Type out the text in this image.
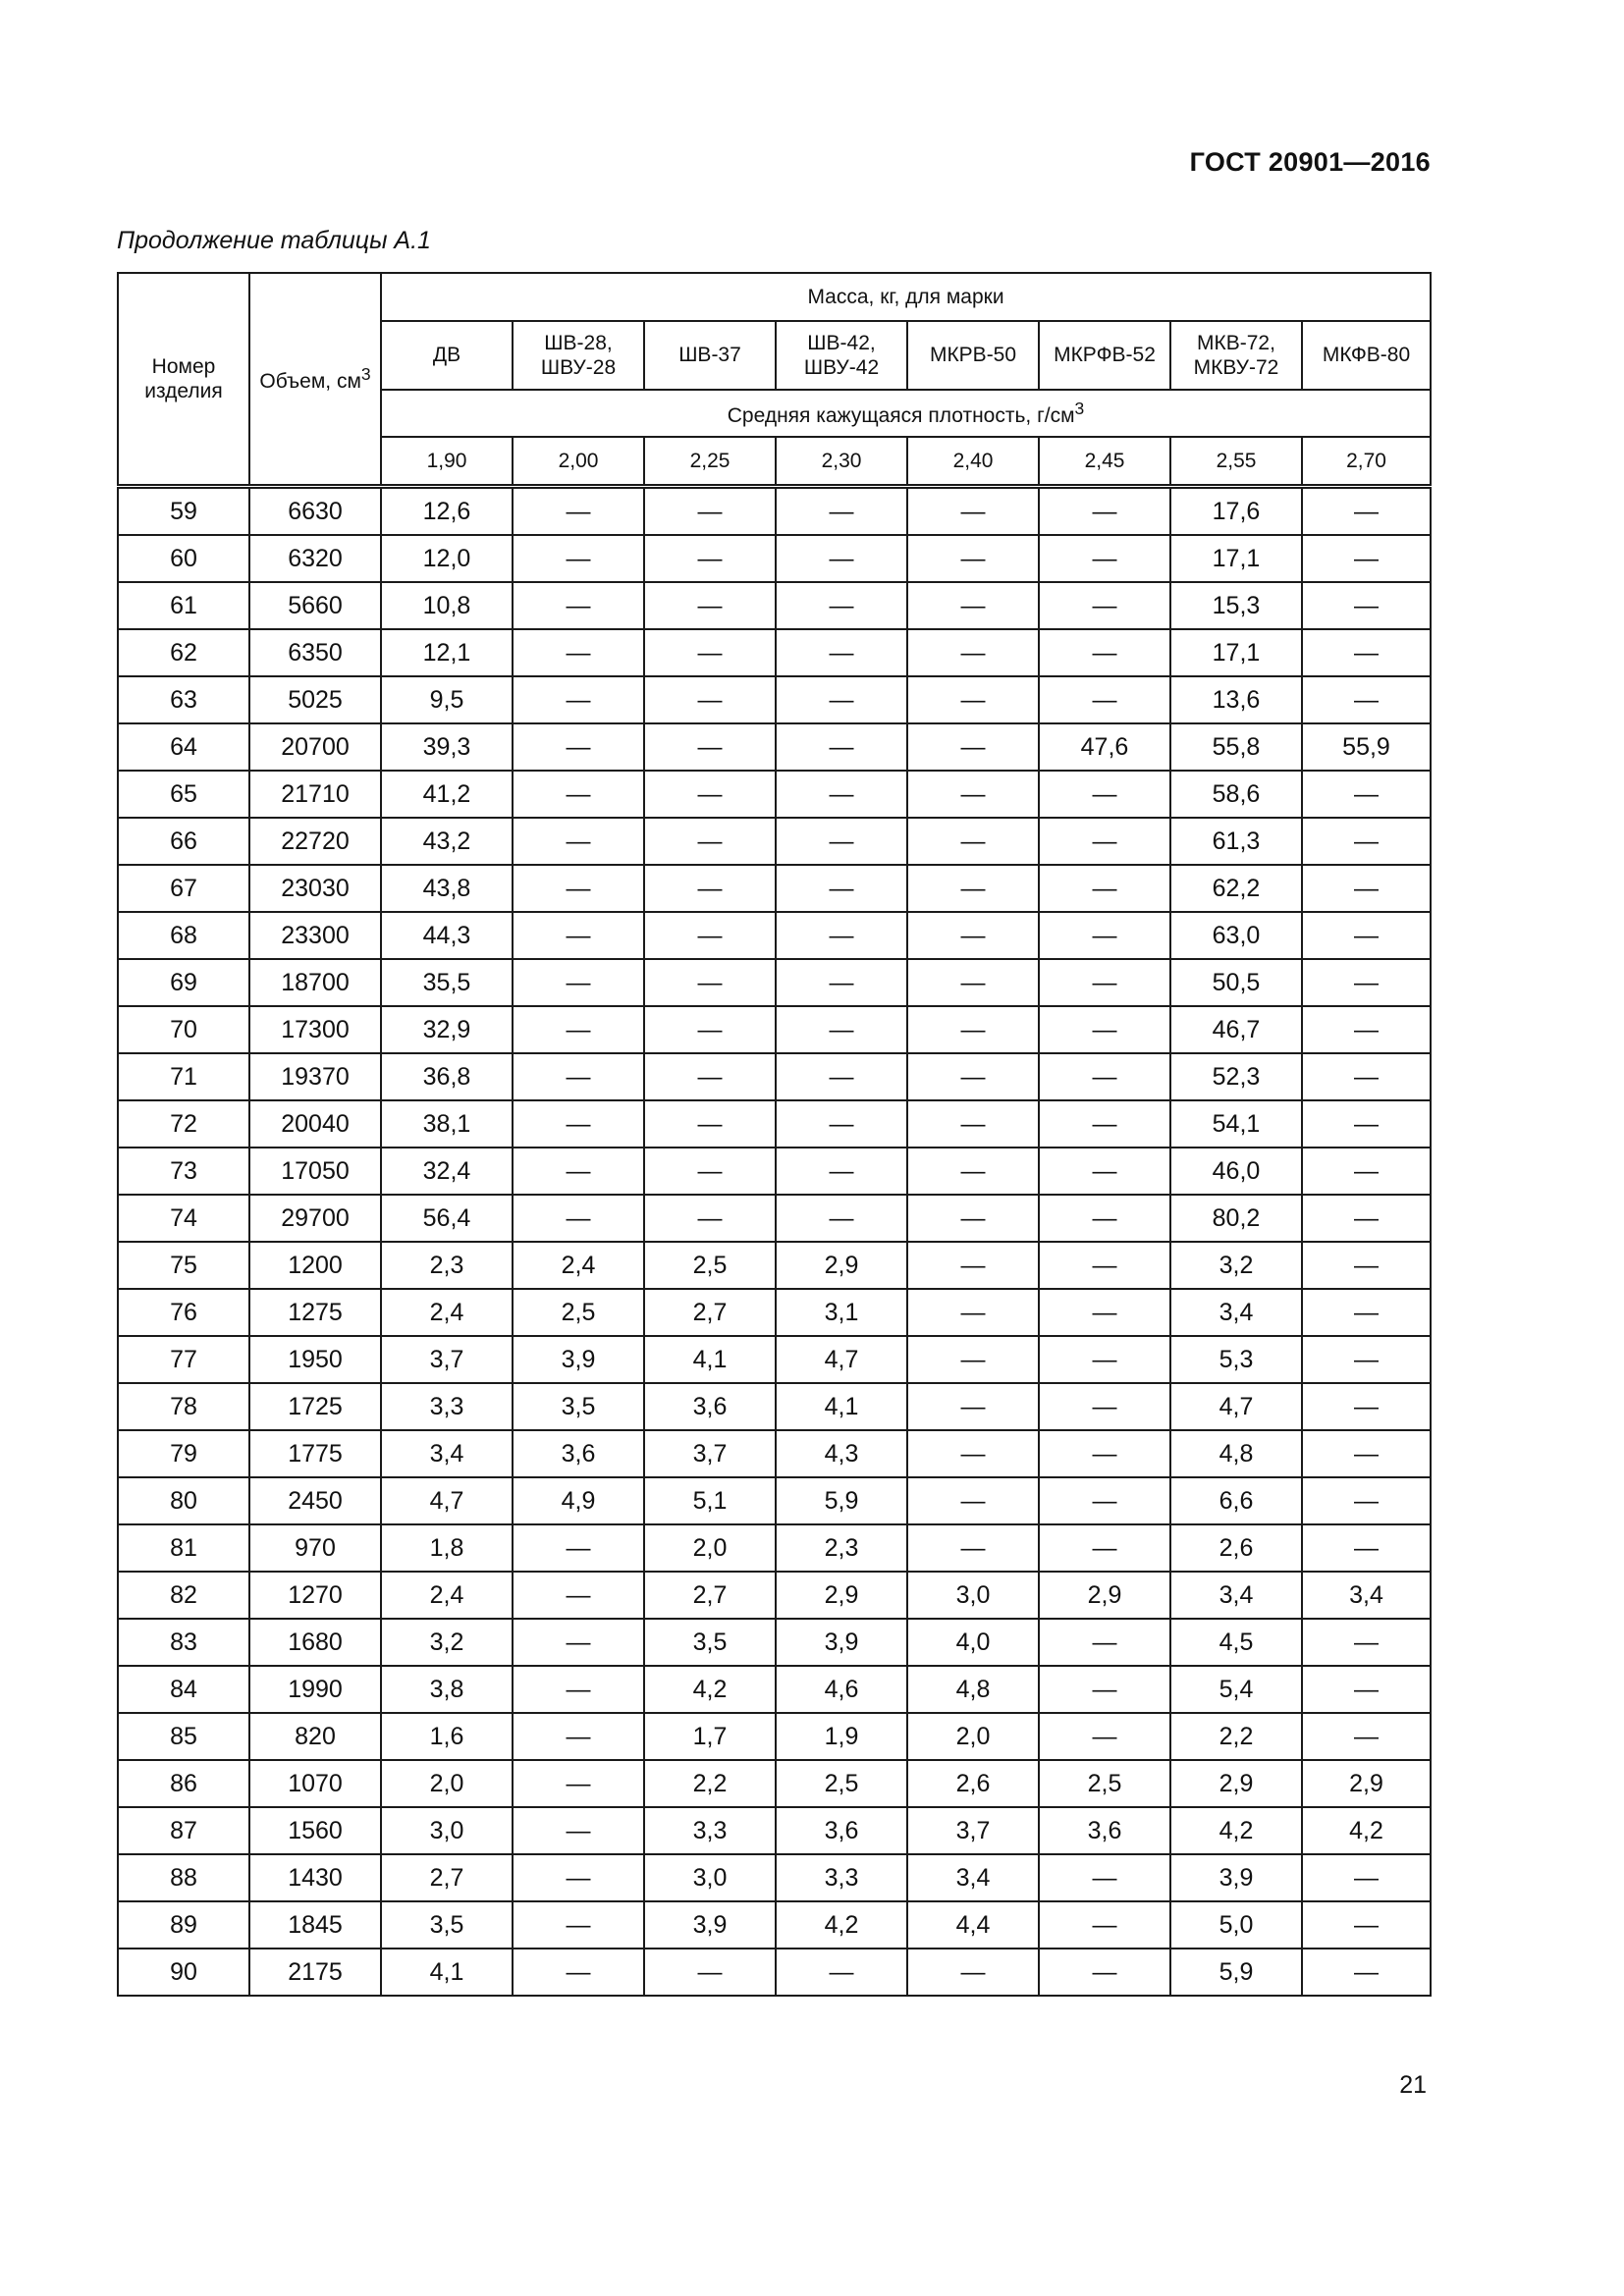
ГОСТ 20901—2016
Продолжение таблицы А.1
Номер изделия	Объем, $см^3$	Масса, кг, для марки							
		ДВ	ШВ-28, ШВУ-28	ШВ-37	ШВ-42, ШВУ-42	МКРВ-50	МКРФВ-52	МКВ-72, МКВУ-72	МКФВ-80
		Средняя кажущаяся плотность, $г/см^3$
		1,90	2,00	2,25	2,30	2,40	2,45	2,55	2,70
59	6630	12,6	—	—	—	—	—	17,6	—
60	6320	12,0	—	—	—	—	—	17,1	—
61	5660	10,8	—	—	—	—	—	15,3	—
62	6350	12,1	—	—	—	—	—	17,1	—
63	5025	9,5	—	—	—	—	—	13,6	—
64	20700	39,3	—	—	—	—	47,6	55,8	55,9
65	21710	41,2	—	—	—	—	—	58,6	—
66	22720	43,2	—	—	—	—	—	61,3	—
67	23030	43,8	—	—	—	—	—	62,2	—
68	23300	44,3	—	—	—	—	—	63,0	—
69	18700	35,5	—	—	—	—	—	50,5	—
70	17300	32,9	—	—	—	—	—	46,7	—
71	19370	36,8	—	—	—	—	—	52,3	—
72	20040	38,1	—	—	—	—	—	54,1	—
73	17050	32,4	—	—	—	—	—	46,0	—
74	29700	56,4	—	—	—	—	—	80,2	—
75	1200	2,3	2,4	2,5	2,9	—	—	3,2	—
76	1275	2,4	2,5	2,7	3,1	—	—	3,4	—
77	1950	3,7	3,9	4,1	4,7	—	—	5,3	—
78	1725	3,3	3,5	3,6	4,1	—	—	4,7	—
79	1775	3,4	3,6	3,7	4,3	—	—	4,8	—
80	2450	4,7	4,9	5,1	5,9	—	—	6,6	—
81	970	1,8	—	2,0	2,3	—	—	2,6	—
82	1270	2,4	—	2,7	2,9	3,0	2,9	3,4	3,4
83	1680	3,2	—	3,5	3,9	4,0	—	4,5	—
84	1990	3,8	—	4,2	4,6	4,8	—	5,4	—
85	820	1,6	—	1,7	1,9	2,0	—	2,2	—
86	1070	2,0	—	2,2	2,5	2,6	2,5	2,9	2,9
87	1560	3,0	—	3,3	3,6	3,7	3,6	4,2	4,2
88	1430	2,7	—	3,0	3,3	3,4	—	3,9	—
89	1845	3,5	—	3,9	4,2	4,4	—	5,0	—
90	2175	4,1	—	—	—	—	—	5,9	—
21
